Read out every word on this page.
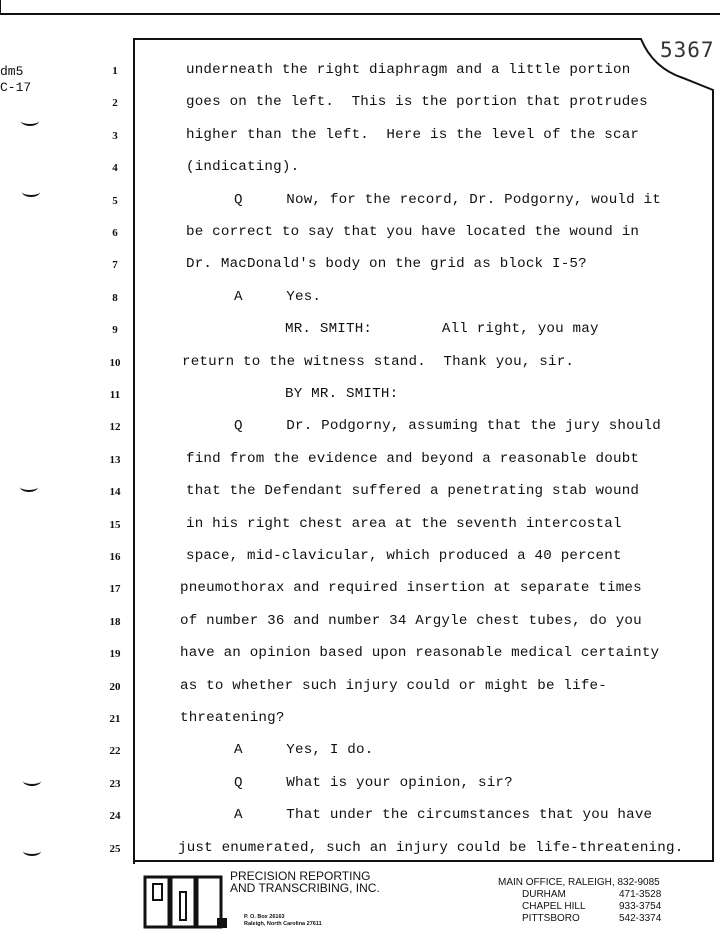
dm5
C-17
5367
1	underneath the right diaphragm and a little portion
2	goes on the left.  This is the portion that protrudes
3	higher than the left.  Here is the level of the scar
4	(indicating).
5	Q     Now, for the record, Dr. Podgorny, would it
6	be correct to say that you have located the wound in
7	Dr. MacDonald's body on the grid as block I-5?
8	A     Yes.
9	MR. SMITH:        All right, you may
10	return to the witness stand.  Thank you, sir.
11	BY MR. SMITH:
12	Q     Dr. Podgorny, assuming that the jury should
13	find from the evidence and beyond a reasonable doubt
14	that the Defendant suffered a penetrating stab wound
15	in his right chest area at the seventh intercostal
16	space, mid-clavicular, which produced a 40 percent
17	pneumothorax and required insertion at separate times
18	of number 36 and number 34 Argyle chest tubes, do you
19	have an opinion based upon reasonable medical certainty
20	as to whether such injury could or might be life-
21	threatening?
22	A     Yes, I do.
23	Q     What is your opinion, sir?
24	A     That under the circumstances that you have
25	just enumerated, such an injury could be life-threatening.
PRECISION REPORTING
AND TRANSCRIBING, INC.
P. O. Box 26163
Raleigh, North Carolina 27611
MAIN OFFICE, RALEIGH, 832-9085
DURHAM	471-3528
CHAPEL HILL	933-3754
PITTSBORO	542-3374
